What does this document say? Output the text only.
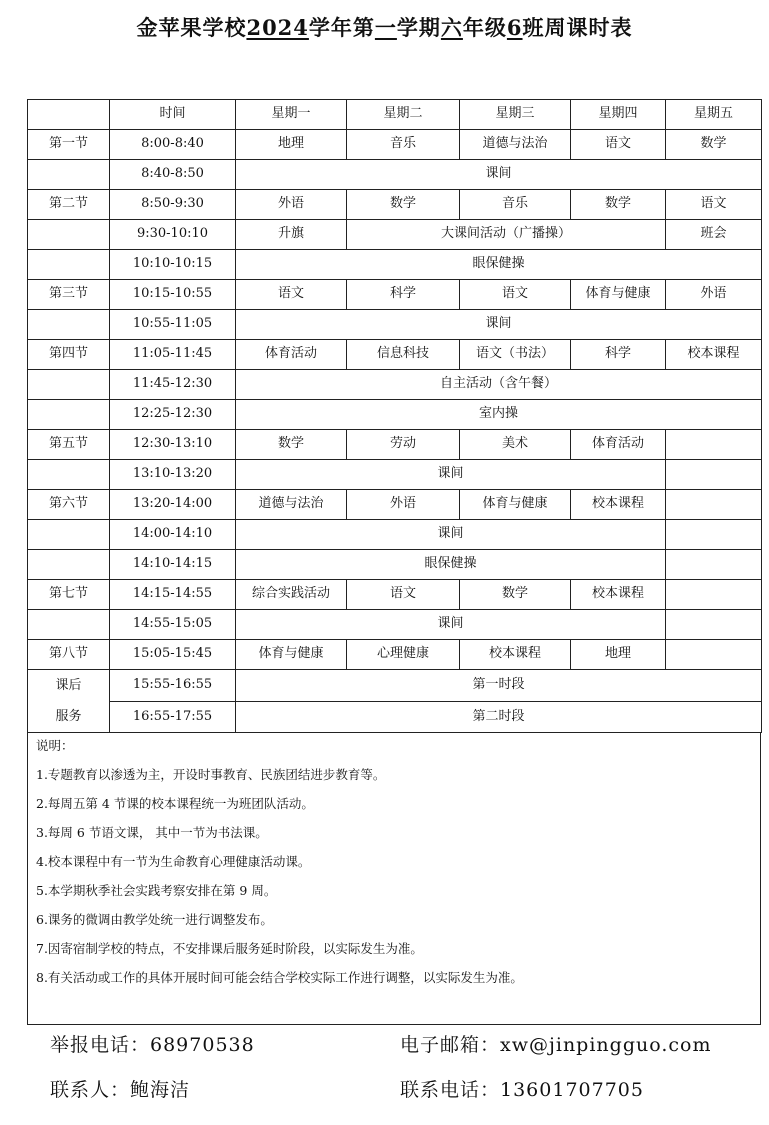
金苹果学校2024学年第一学期六年级6班周课时表
	时间	星期一	星期二	星期三	星期四	星期五
第一节	8:00-8:40	地理	音乐	道德与法治	语文	数学
	8:40-8:50	课间				
第二节	8:50-9:30	外语	数学	音乐	数学	语文
	9:30-10:10	升旗	大课间活动（广播操）			班会
	10:10-10:15	眼保健操				
第三节	10:15-10:55	语文	科学	语文	体育与健康	外语
	10:55-11:05	课间				
第四节	11:05-11:45	体育活动	信息科技	语文（书法）	科学	校本课程
	11:45-12:30	自主活动（含午餐）				
	12:25-12:30	室内操				
第五节	12:30-13:10	数学	劳动	美术	体育活动	
	13:10-13:20	课间				
第六节	13:20-14:00	道德与法治	外语	体育与健康	校本课程	
	14:00-14:10	课间				
	14:10-14:15	眼保健操				
第七节	14:15-14:55	综合实践活动	语文	数学	校本课程	
	14:55-15:05	课间				
第八节	15:05-15:45	体育与健康	心理健康	校本课程	地理	

课后
服务	15:55-16:55	第一时段				
	16:55-17:55	第二时段				
说明：
1.专题教育以渗透为主，开设时事教育、民族团结进步教育等。
2.每周五第 4 节课的校本课程统一为班团队活动。
3.每周 6 节语文课， 其中一节为书法课。
4.校本课程中有一节为生命教育心理健康活动课。
5.本学期秋季社会实践考察安排在第 9 周。
6.课务的微调由教学处统一进行调整发布。
7.因寄宿制学校的特点，不安排课后服务延时阶段，以实际发生为准。
8.有关活动或工作的具体开展时间可能会结合学校实际工作进行调整，以实际发生为准。
举报电话：68970538	电子邮箱：xw@jinpingguo.com
联系人：鲍海洁	联系电话：13601707705
